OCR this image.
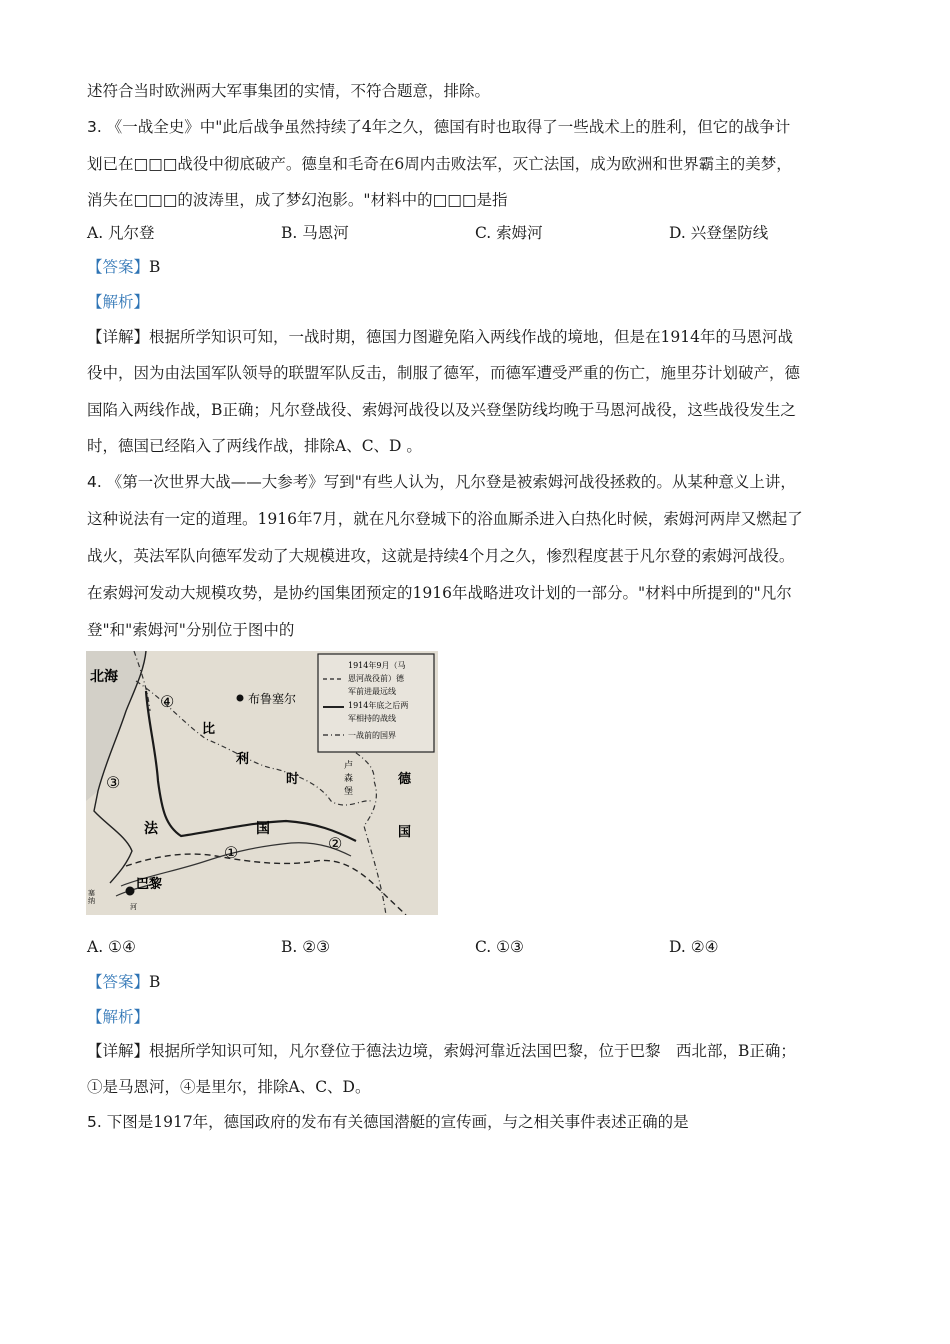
述符合当时欧洲两大军事集团的实情，不符合题意，排除。
3. 《一战全史》中"此后战争虽然持续了4年之久，德国有时也取得了一些战术上的胜利，但它的战争计
划已在□□□战役中彻底破产。德皇和毛奇在6周内击败法军，灭亡法国，成为欧洲和世界霸主的美梦，
消失在□□□的波涛里，成了梦幻泡影。"材料中的□□□是指
A. 凡尔登	B. 马恩河	C. 索姆河	D. 兴登堡防线
【答案】B
【解析】
【详解】根据所学知识可知，一战时期，德国力图避免陷入两线作战的境地，但是在1914年的马恩河战
役中，因为由法国军队领导的联盟军队反击，制服了德军，而德军遭受严重的伤亡，施里芬计划破产，德
国陷入两线作战，B正确；凡尔登战役、索姆河战役以及兴登堡防线均晚于马恩河战役，这些战役发生之
时，德国已经陷入了两线作战，排除A、C、D 。
4. 《第一次世界大战——大参考》写到"有些人认为，凡尔登是被索姆河战役拯救的。从某种意义上讲，
这种说法有一定的道理。1916年7月，就在凡尔登城下的浴血厮杀进入白热化时候，索姆河两岸又燃起了
战火，英法军队向德军发动了大规模进攻，这就是持续4个月之久，惨烈程度甚于凡尔登的索姆河战役。
在索姆河发动大规模攻势，是协约国集团预定的1916年战略进攻计划的一部分。"材料中所提到的"凡尔
登"和"索姆河"分别位于图中的
1914年9月（马
恩河战役前）德
军前进最远线
1914年底之后两
军相持的战线
一战前的国界
北海
布鲁塞尔
比
利
时
卢
森
堡
德
国
法	国
巴黎
塞
纳
河
①	②
③
④
A. ①④	B. ②③	C. ①③	D. ②④
【答案】B
【解析】
【详解】根据所学知识可知，凡尔登位于德法边境，索姆河靠近法国巴黎，位于巴黎　西北部，B正确；
①是马恩河，④是里尔，排除A、C、D。
5. 下图是1917年，德国政府的发布有关德国潜艇的宣传画，与之相关事件表述正确的是
